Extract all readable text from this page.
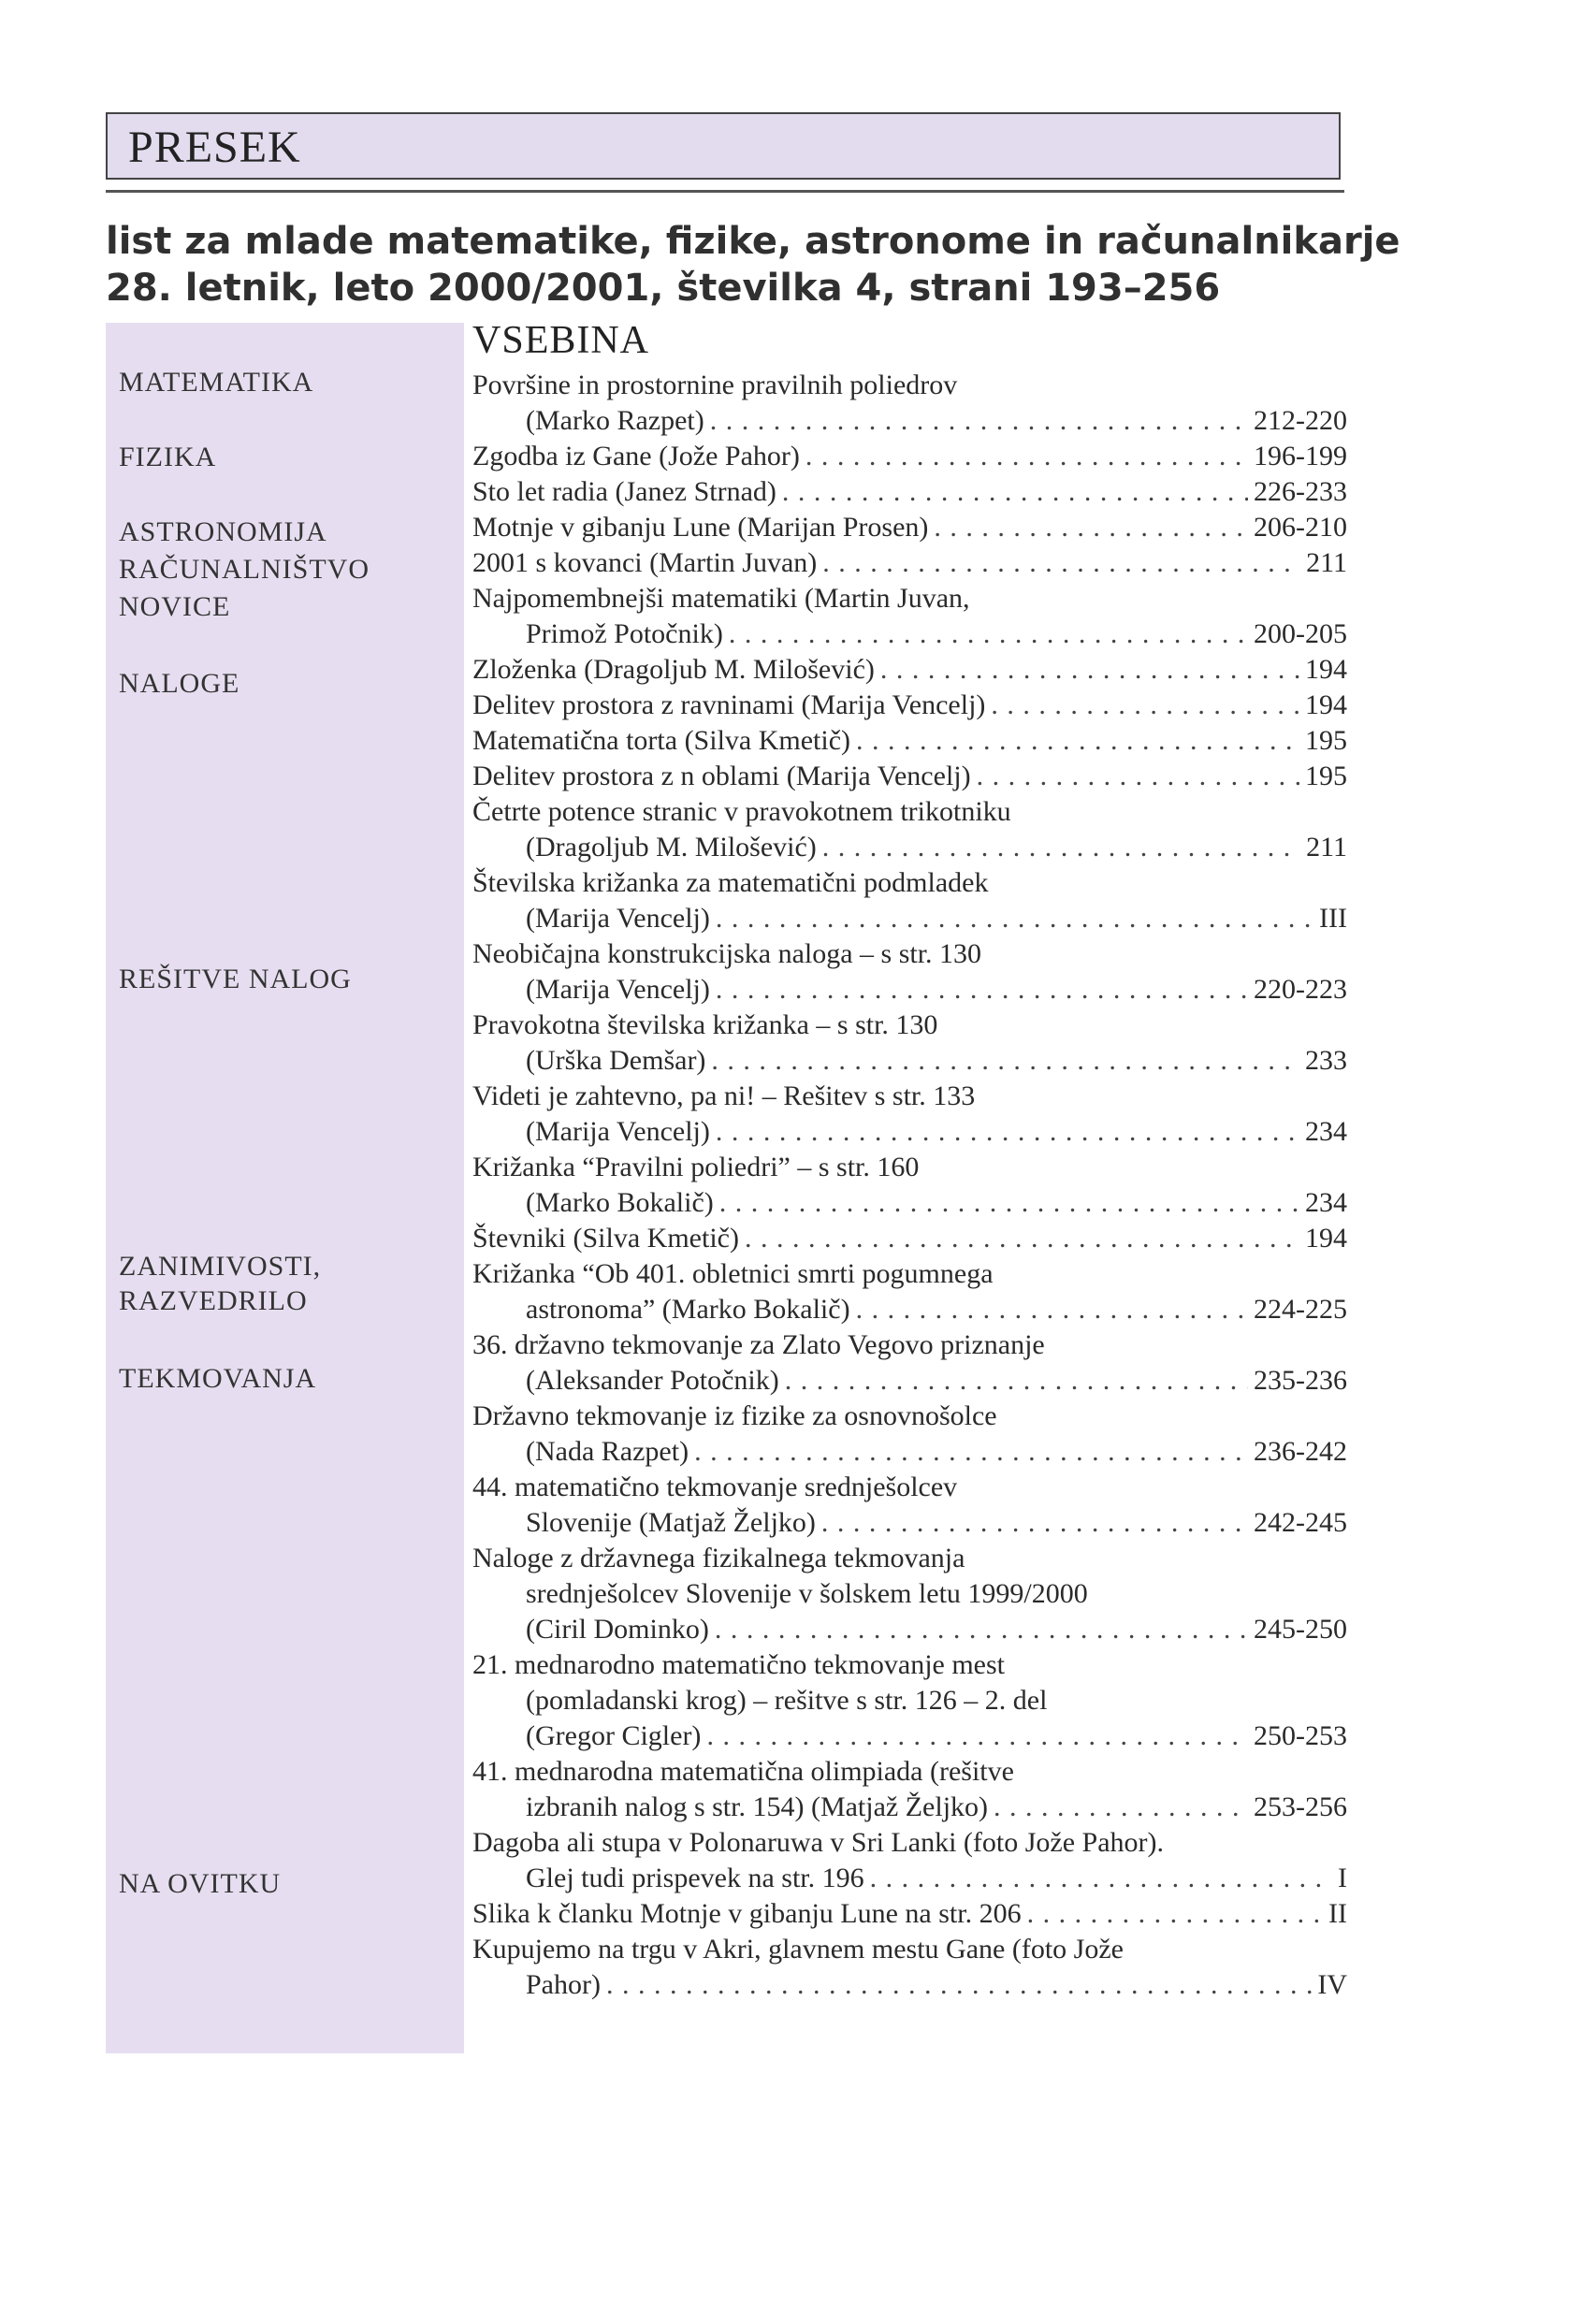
PRESEK
list za mlade matematike, fizike, astronome in računalnikarje
28. letnik, leto 2000/2001, številka 4, strani 193–256
MATEMATIKA
FIZIKA
ASTRONOMIJA
RAČUNALNIŠTVO
NOVICE
NALOGE
REŠITVE NALOG
ZANIMIVOSTI,
RAZVEDRILO
TEKMOVANJA
NA OVITKU
VSEBINA
Površine in prostornine pravilnih poliedrov
(Marko Razpet) . . .	212-220
Zgodba iz Gane (Jože Pahor) . . .	196-199
Sto let radia (Janez Strnad) . . .	226-233
Motnje v gibanju Lune (Marijan Prosen) . . .	206-210
2001 s kovanci (Martin Juvan) . . .	211
Najpomembnejši matematiki (Martin Juvan,
Primož Potočnik) . . .	200-205
Zloženka (Dragoljub M. Milošević) . . .	194
Delitev prostora z ravninami (Marija Vencelj) . . .	194
Matematična torta (Silva Kmetič) . . .	195
Delitev prostora z n oblami (Marija Vencelj) . . .	195
Četrte potence stranic v pravokotnem trikotniku
(Dragoljub M. Milošević) . . .	211
Številska križanka za matematični podmladek
(Marija Vencelj) . . .	III
Neobičajna konstrukcijska naloga – s str. 130
(Marija Vencelj) . . .	220-223
Pravokotna številska križanka – s str. 130
(Urška Demšar) . . .	233
Videti je zahtevno, pa ni! – Rešitev s str. 133
(Marija Vencelj) . . .	234
Križanka “Pravilni poliedri” – s str. 160
(Marko Bokalič) . . .	234
Števniki (Silva Kmetič) . . .	194
Križanka “Ob 401. obletnici smrti pogumnega
astronoma” (Marko Bokalič) . . .	224-225
36. državno tekmovanje za Zlato Vegovo priznanje
(Aleksander Potočnik) . . .	235-236
Državno tekmovanje iz fizike za osnovnošolce
(Nada Razpet) . . .	236-242
44. matematično tekmovanje srednješolcev
Slovenije (Matjaž Željko) . . .	242-245
Naloge z državnega fizikalnega tekmovanja
srednješolcev Slovenije v šolskem letu 1999/2000
(Ciril Dominko) . . .	245-250
21. mednarodno matematično tekmovanje mest
(pomladanski krog) – rešitve s str. 126 – 2. del
(Gregor Cigler) . . .	250-253
41. mednarodna matematična olimpiada (rešitve
izbranih nalog s str. 154) (Matjaž Željko) . . .	253-256
Dagoba ali stupa v Polonaruwa v Sri Lanki (foto Jože Pahor).
Glej tudi prispevek na str. 196 . . .	I
Slika k članku Motnje v gibanju Lune na str. 206 . . .	II
Kupujemo na trgu v Akri, glavnem mestu Gane (foto Jože
Pahor) . . .	IV
